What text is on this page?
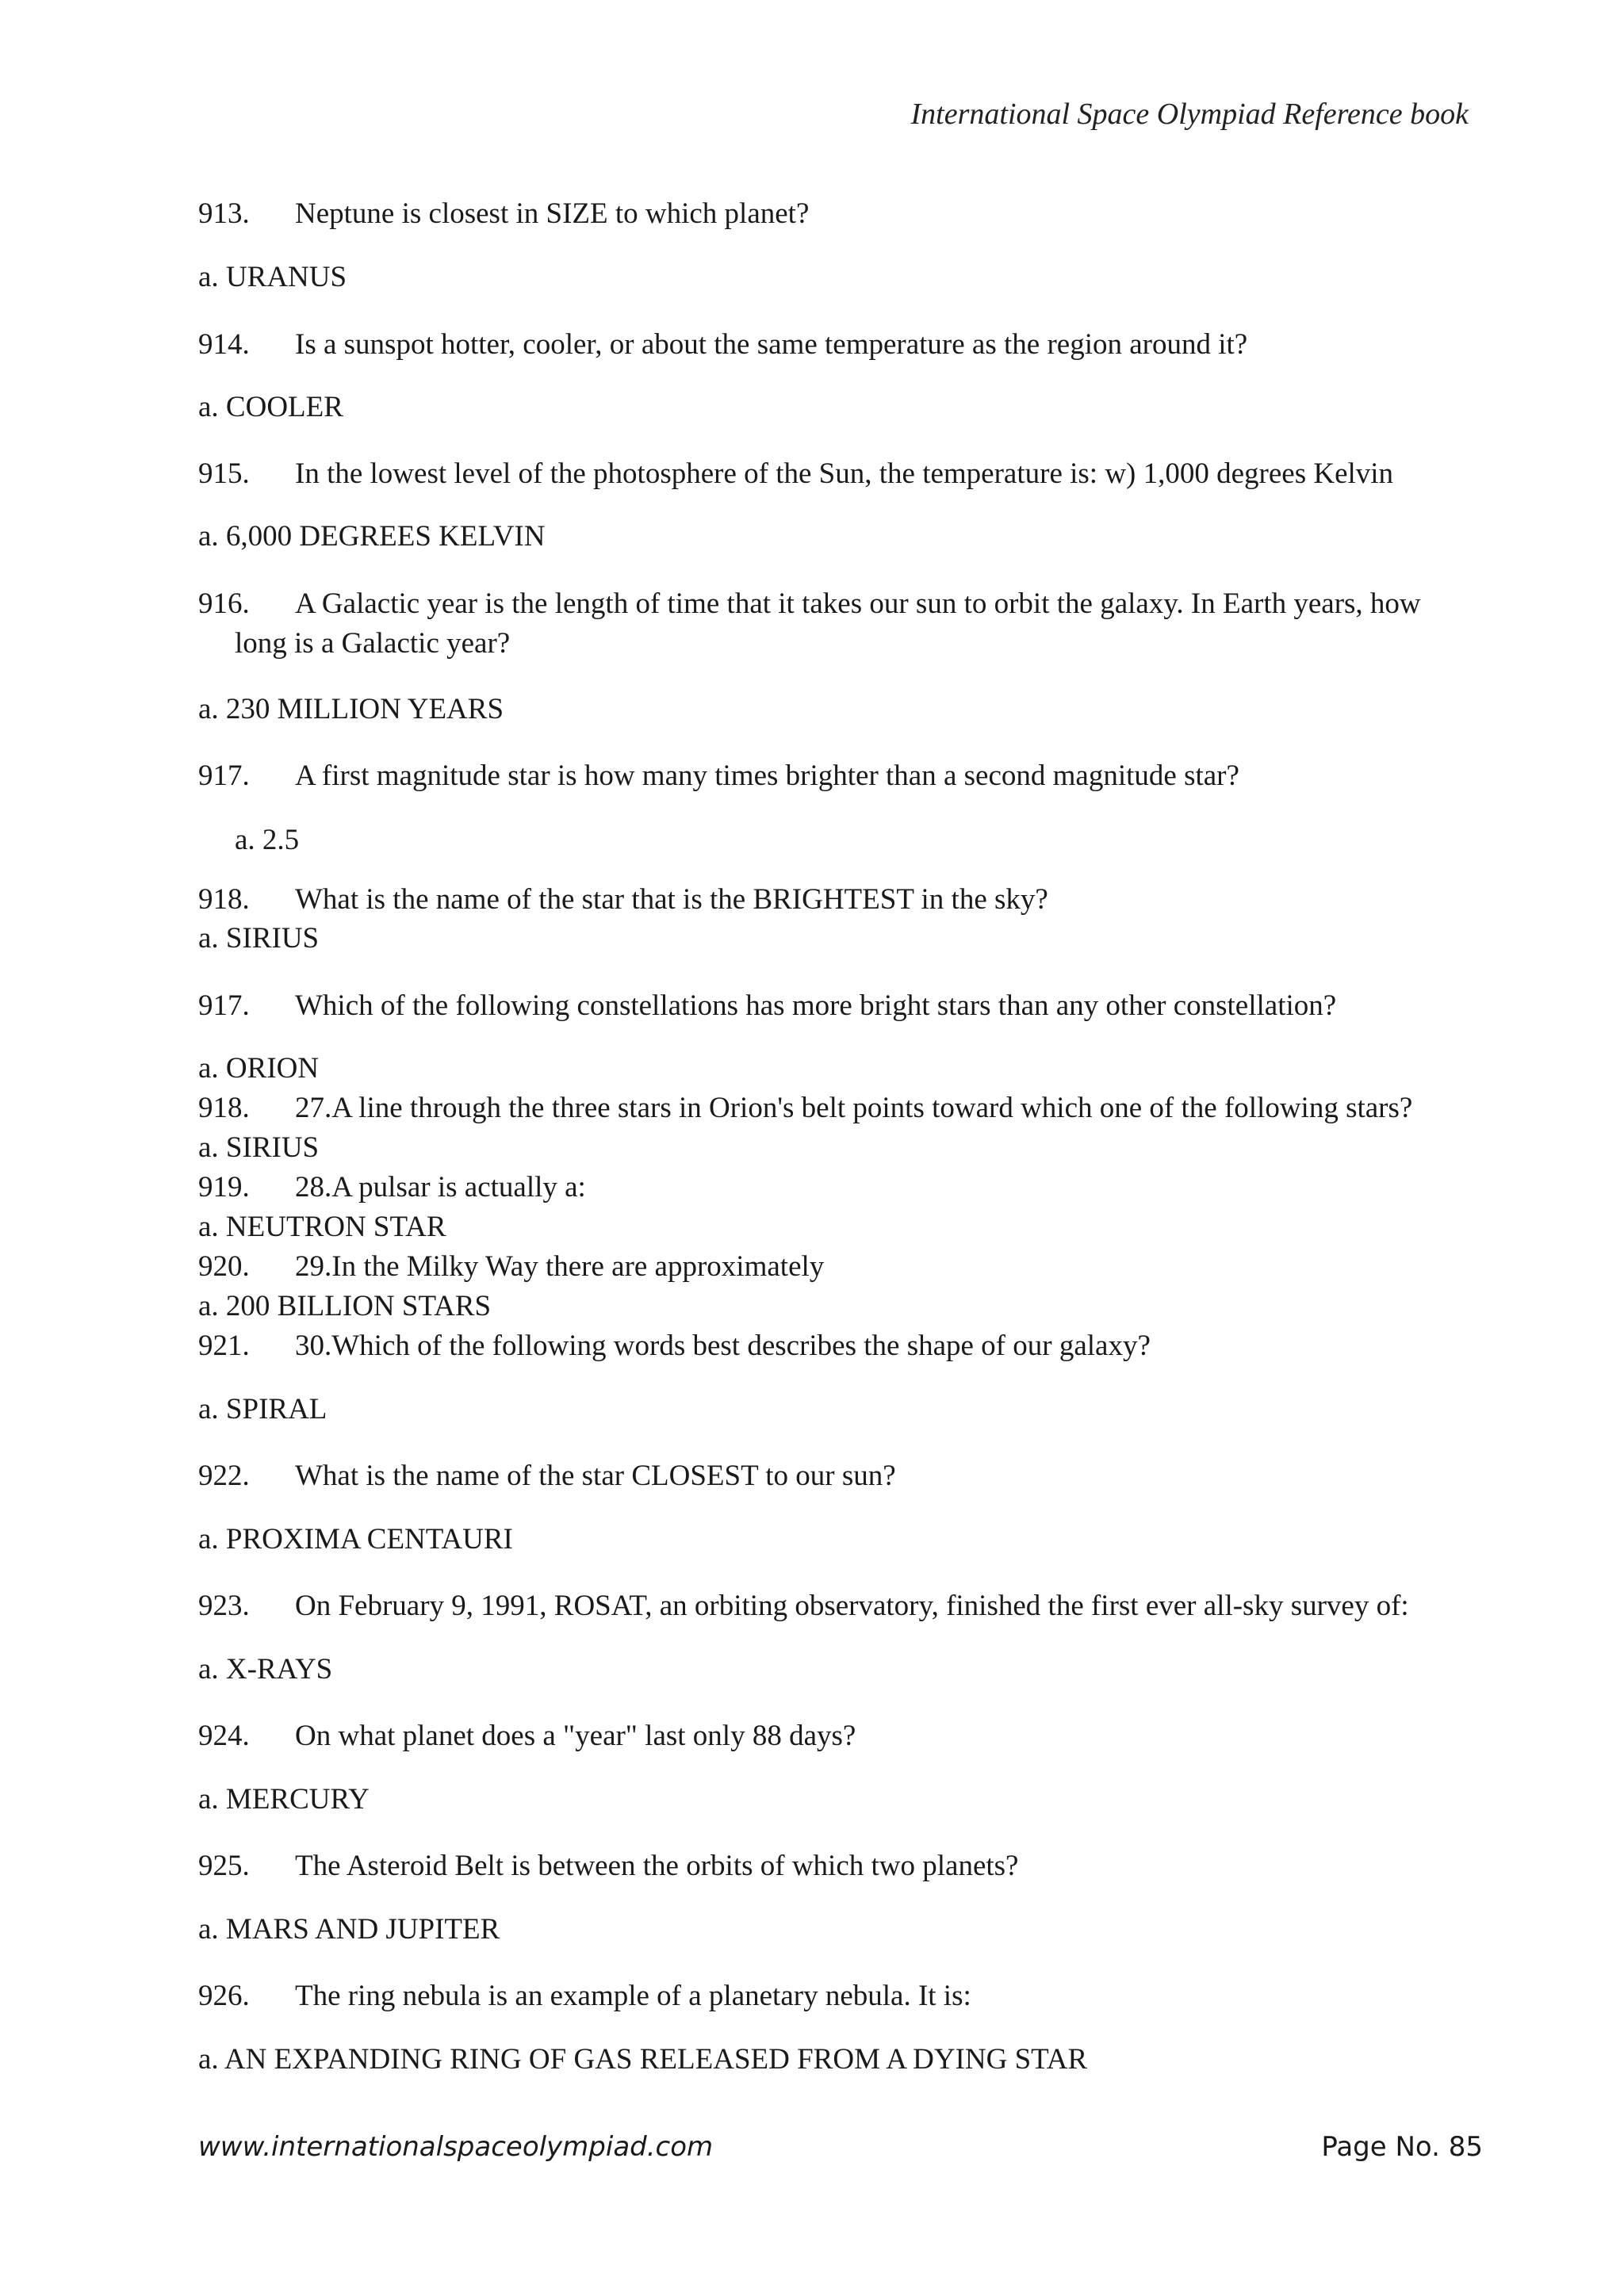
International Space Olympiad Reference book
913. Neptune is closest in SIZE to which planet?
a. URANUS
914. Is a sunspot hotter, cooler, or about the same temperature as the region around it?
a. COOLER
915. In the lowest level of the photosphere of the Sun, the temperature is: w) 1,000 degrees Kelvin
a. 6,000 DEGREES KELVIN
916. A Galactic year is the length of time that it takes our sun to orbit the galaxy. In Earth years, how
long is a Galactic year?
a. 230 MILLION YEARS
917. A first magnitude star is how many times brighter than a second magnitude star?
a. 2.5
918. What is the name of the star that is the BRIGHTEST in the sky?
a. SIRIUS
917. Which of the following constellations has more bright stars than any other constellation?
a. ORION
918. 27.A line through the three stars in Orion's belt points toward which one of the following stars?
a. SIRIUS
919. 28.A pulsar is actually a:
a. NEUTRON STAR
920. 29.In the Milky Way there are approximately
a. 200 BILLION STARS
921. 30.Which of the following words best describes the shape of our galaxy?
a. SPIRAL
922. What is the name of the star CLOSEST to our sun?
a. PROXIMA CENTAURI
923. On February 9, 1991, ROSAT, an orbiting observatory, finished the first ever all-sky survey of:
a. X-RAYS
924. On what planet does a "year" last only 88 days?
a. MERCURY
925. The Asteroid Belt is between the orbits of which two planets?
a. MARS AND JUPITER
926. The ring nebula is an example of a planetary nebula. It is:
a. AN EXPANDING RING OF GAS RELEASED FROM A DYING STAR
www.internationalspaceolympiad.com	Page No. 85
